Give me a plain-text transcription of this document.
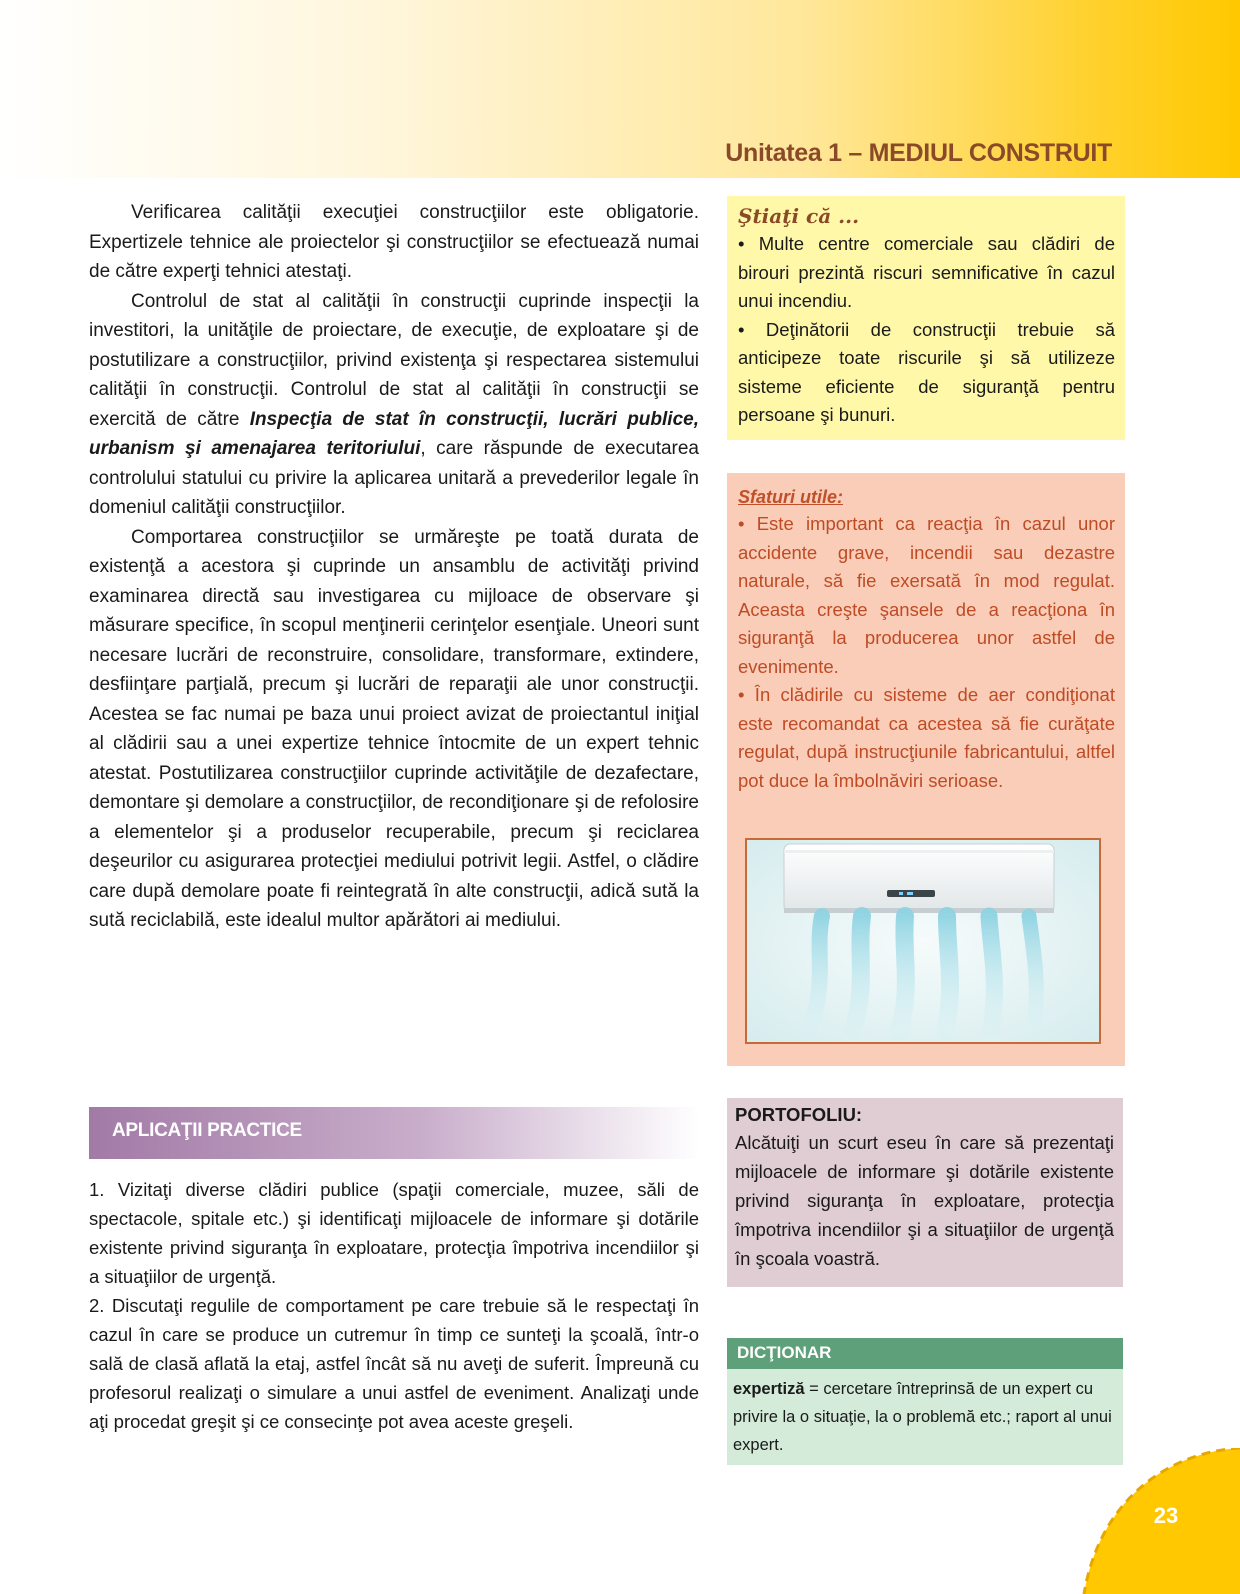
Unitatea 1 – MEDIUL CONSTRUIT

Verificarea calităţii execuţiei construcţiilor este obligatorie. Expertizele tehnice ale proiectelor şi construcţiilor se efectuează numai de către experţi tehnici atestaţi.

Controlul de stat al calităţii în construcţii cuprinde inspecţii la investitori, la unităţile de proiectare, de execuţie, de exploatare şi de postutilizare a construcţiilor, privind existenţa şi respectarea sistemului calităţii în construcţii. Controlul de stat al calităţii în construcţii se exercită de către Inspecţia de stat în construcţii, lucrări publice, urbanism şi amenajarea teritoriului, care răspunde de executarea controlului statului cu privire la aplicarea unitară a prevederilor legale în domeniul calităţii construcţiilor.

Comportarea construcţiilor se urmăreşte pe toată durata de existenţă a acestora şi cuprinde un ansamblu de activităţi privind examinarea directă sau investigarea cu mijloace de observare şi măsurare specifice, în scopul menţinerii cerinţelor esenţiale. Uneori sunt necesare lucrări de reconstruire, consolidare, transformare, extindere, desfiinţare parţială, precum şi lucrări de reparaţii ale unor construcţii. Acestea se fac numai pe baza unui proiect avizat de proiectantul iniţial al clădirii sau a unei expertize tehnice întocmite de un expert tehnic atestat. Postutilizarea construcţiilor cuprinde activităţile de dezafectare, demontare şi demolare a construcţiilor, de recondiţionare şi de refolosire a elementelor şi a produselor recuperabile, precum şi reciclarea deşeurilor cu asigurarea protecţiei mediului potrivit legii. Astfel, o clădire care după demolare poate fi reintegrată în alte construcţii, adică sută la sută reciclabilă, este idealul multor apărători ai mediului.

Ştiaţi că ...

• Multe centre comerciale sau clădiri de birouri prezintă riscuri semnificative în cazul unui incendiu.

• Deţinătorii de construcţii trebuie să anticipeze toate riscurile şi să utilizeze sisteme eficiente de siguranţă pentru persoane şi bunuri.

Sfaturi utile:

• Este important ca reacţia în cazul unor accidente grave, incendii sau dezastre naturale, să fie exersată în mod regulat. Aceasta creşte şansele de a reacţiona în siguranţă la producerea unor astfel de evenimente.

• În clădirile cu sisteme de aer condiţionat este recomandat ca acestea să fie curăţate regulat, după instrucţiunile fabricantului, altfel pot duce la îmbolnăviri serioase.

APLICAŢII PRACTICE

1. Vizitaţi diverse clădiri publice (spaţii comerciale, muzee, săli de spectacole, spitale etc.) şi identificaţi mijloacele de informare şi dotările existente privind siguranţa în exploatare, protecţia împotriva incendiilor şi a situaţiilor de urgenţă.

2. Discutaţi regulile de comportament pe care trebuie să le respectaţi în cazul în care se produce un cutremur în timp ce sunteţi la şcoală, într-o sală de clasă aflată la etaj, astfel încât să nu aveţi de suferit. Împreună cu profesorul realizaţi o simulare a unui astfel de eveniment. Analizaţi unde aţi procedat greşit şi ce consecinţe pot avea aceste greşeli.

PORTOFOLIU:

Alcătuiţi un scurt eseu în care să prezentaţi mijloacele de informare şi dotările existente privind siguranţa în exploatare, protecţia împotriva incendiilor şi a situaţiilor de urgenţă în şcoala voastră.

DICŢIONAR
expertiză = cercetare întreprinsă de un expert cu privire la o situaţie, la o problemă etc.; raport al unui expert.
23
